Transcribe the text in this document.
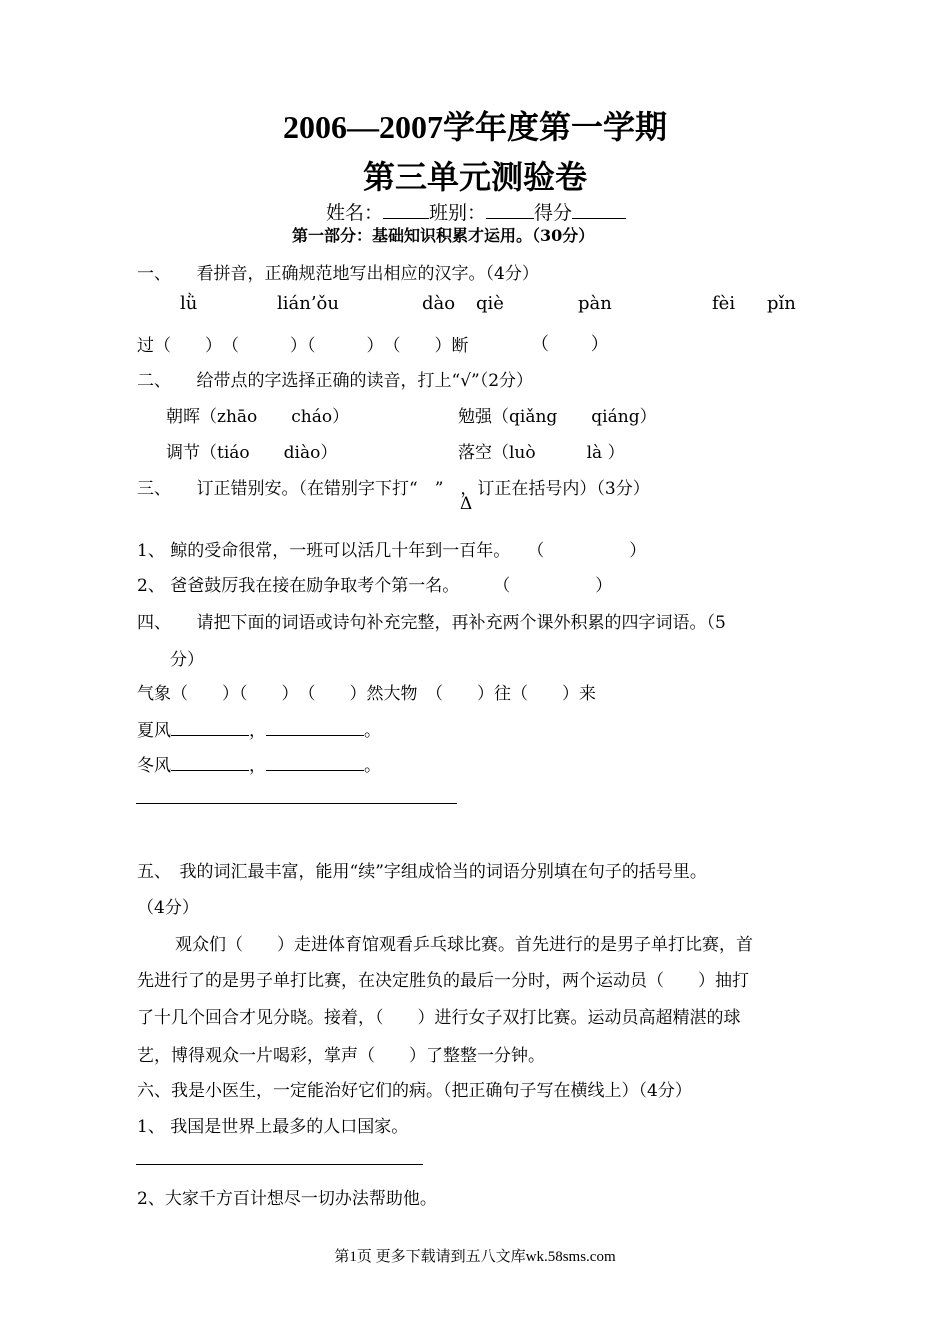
2006—2007学年度第一学期
第三单元测验卷
姓名： 班别：	得分
第一部分：基础知识积累才运用。（30分）
一、　　看拼音，正确规范地写出相应的汉字。（4分）
lǜ	lián’ǒu	dào qiè	pàn	fèi pǐn
过（　　）　（　　　）（　　　）　（　　）断	（　　 ）
二、　　给带点的字选择正确的读音，打上“√”（2分）
朝晖（zhāo　　cháo）	勉强（qiǎng　　qiáng）
调节（tiáo　　diào）	落空（luò　　　là ）
三、　　订正错别安。（在错别字下打“　”　，订正在括号内）（3分）
Δ
1、 鲸的受命很常，一班可以活几十年到一百年。　　（　　　　　）
2、 爸爸鼓厉我在接在励争取考个第一名。　　　（　　　　　）
四、　　请把下面的词语或诗句补充完整，再补充两个课外积累的四字词语。（5
分）
气象（　　）（　　）　（　　）然大物　（　　）往（　　）来
夏风	，	。
冬风	，	。
五、　我的词汇最丰富，能用“续”字组成恰当的词语分别填在句子的括号里。
（4分）
观众们（　　）走进体育馆观看乒乓球比赛。首先进行的是男子单打比赛，首
先进行了的是男子单打比赛，在决定胜负的最后一分时，两个运动员（　　）抽打
了十几个回合才见分晓。接着，（　　）进行女子双打比赛。运动员高超精湛的球
艺，博得观众一片喝彩，掌声（　　）了整整一分钟。
六、我是小医生，一定能治好它们的病。（把正确句子写在横线上）（4分）
1、 我国是世界上最多的人口国家。
2、大家千方百计想尽一切办法帮助他。
第1页 更多下载请到五八文库wk.58sms.com
